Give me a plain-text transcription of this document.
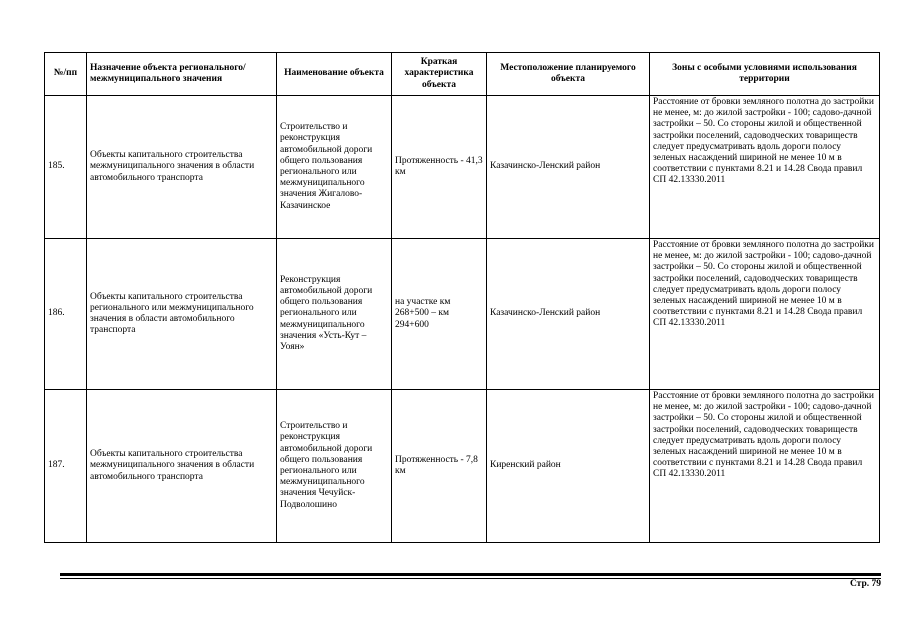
№/пп	Назначение объекта регионального/ межмуниципального значения	Наименование объекта	Краткая характеристика объекта	Местоположение планируемого объекта	Зоны с особыми условиями использования территории
185.	Объекты капитального строительства межмуниципального значения в области автомобильного транспорта	Строительство и реконструкция автомобильной дороги общего пользования регионального или межмуниципального значения Жигалово-Казачинское	Протяженность - 41,3 км	Казачинско-Ленский район	Расстояние от бровки земляного полотна до застройки не менее, м: до жилой застройки - 100; садово-дачной застройки – 50. Со стороны жилой и общественной застройки поселений, садоводческих товариществ следует предусматривать вдоль дороги полосу зеленых насаждений шириной не менее 10 м в соответствии с пунктами 8.21 и 14.28 Свода правил СП 42.13330.2011
186.	Объекты капитального строительства регионального или межмуниципального значения в области автомобильного транспорта	Реконструкция автомобильной дороги общего пользования регионального или межмуниципального значения «Усть-Кут – Уоян»	на участке км 268+500 – км 294+600	Казачинско-Ленский район	Расстояние от бровки земляного полотна до застройки не менее, м: до жилой застройки - 100; садово-дачной застройки – 50. Со стороны жилой и общественной застройки поселений, садоводческих товариществ следует предусматривать вдоль дороги полосу зеленых насаждений шириной не менее 10 м в соответствии с пунктами 8.21 и 14.28 Свода правил СП 42.13330.2011
187.	Объекты капитального строительства межмуниципального значения в области автомобильного транспорта	Строительство и реконструкция автомобильной дороги общего пользования регионального или межмуниципального значения Чечуйск-Подволошино	Протяженность - 7,8 км	Киренский район	Расстояние от бровки земляного полотна до застройки не менее, м: до жилой застройки - 100; садово-дачной застройки – 50. Со стороны жилой и общественной застройки поселений, садоводческих товариществ следует предусматривать вдоль дороги полосу зеленых насаждений шириной не менее 10 м в соответствии с пунктами 8.21 и 14.28 Свода правил СП 42.13330.2011
Стр. 79
